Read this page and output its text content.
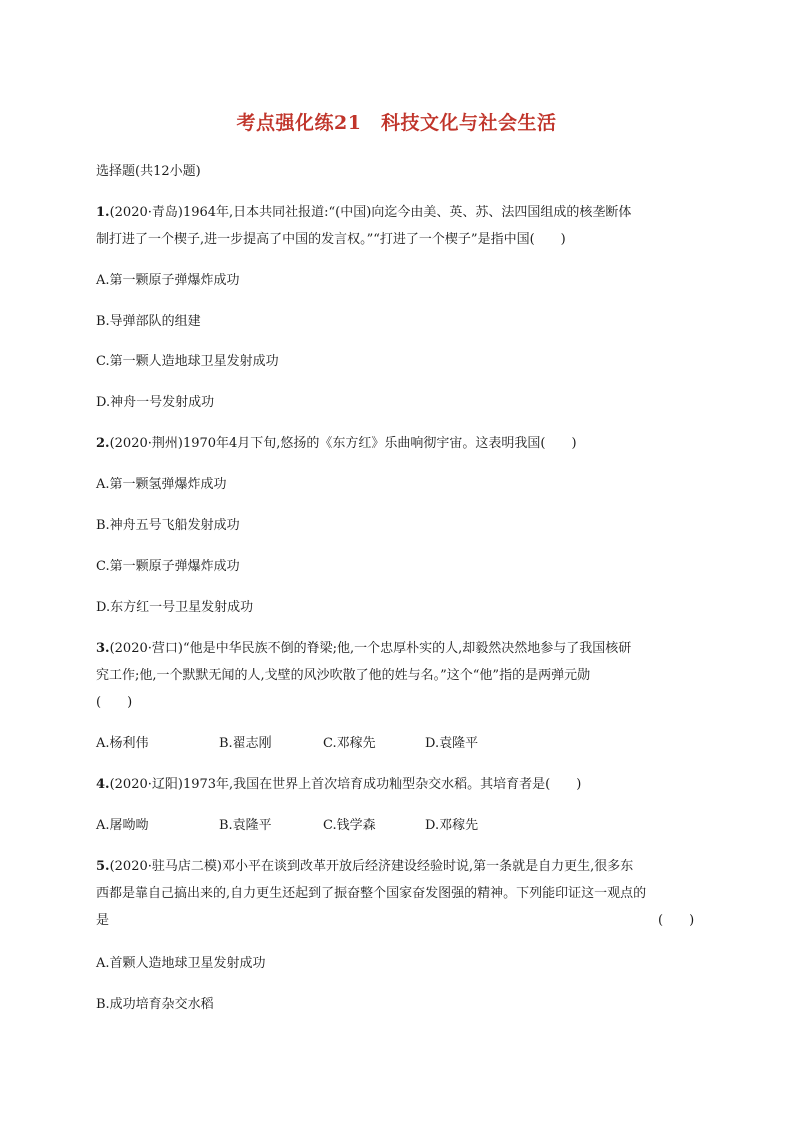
考点强化练21　科技文化与社会生活
选择题(共12小题)
1.(2020·青岛)1964年,日本共同社报道:“(中国)向迄今由美、英、苏、法四国组成的核垄断体
制打进了一个楔子,进一步提高了中国的发言权。”“打进了一个楔子”是指中国(　　)
A.第一颗原子弹爆炸成功
B.导弹部队的组建
C.第一颗人造地球卫星发射成功
D.神舟一号发射成功
2.(2020·荆州)1970年4月下旬,悠扬的《东方红》乐曲响彻宇宙。这表明我国(　　)
A.第一颗氢弹爆炸成功
B.神舟五号飞船发射成功
C.第一颗原子弹爆炸成功
D.东方红一号卫星发射成功
3.(2020·营口)“他是中华民族不倒的脊梁;他,一个忠厚朴实的人,却毅然决然地参与了我国核研
究工作;他,一个默默无闻的人,戈壁的风沙吹散了他的姓与名。”这个“他”指的是两弹元勋
(　　)
A.杨利伟	B.翟志刚	C.邓稼先	D.袁隆平
4.(2020·辽阳)1973年,我国在世界上首次培育成功籼型杂交水稻。其培育者是(　　)
A.屠呦呦	B.袁隆平	C.钱学森	D.邓稼先
5.(2020·驻马店二模)邓小平在谈到改革开放后经济建设经验时说,第一条就是自力更生,很多东
西都是靠自己搞出来的,自力更生还起到了振奋整个国家奋发图强的精神。下列能印证这一观点的
是	(　　)
A.首颗人造地球卫星发射成功
B.成功培育杂交水稻
